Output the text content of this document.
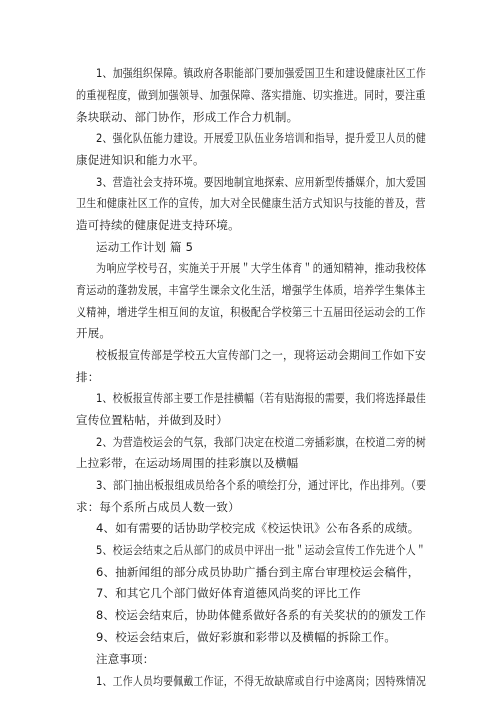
1、加强组织保障。镇政府各职能部门要加强爱国卫生和建设健康社区工作
的重视程度，做到加强领导、加强保障、落实措施、切实推进。同时，要注重
条块联动、部门协作，形成工作合力机制。
2、强化队伍能力建设。开展爱卫队伍业务培训和指导，提升爱卫人员的健
康促进知识和能力水平。
3、营造社会支持环境。要因地制宜地探索、应用新型传播媒介，加大爱国
卫生和健康社区工作的宣传，加大对全民健康生活方式知识与技能的普及，营
造可持续的健康促进支持环境。
运动工作计划 篇 5
为响应学校号召，实施关于开展＂大学生体育＂的通知精神，推动我校体
育运动的蓬勃发展，丰富学生课余文化生活，增强学生体质，培养学生集体主
义精神，增进学生相互间的友谊，积极配合学校第三十五届田径运动会的工作
开展。
校板报宣传部是学校五大宣传部门之一，现将运动会期间工作如下安
排：
1、校板报宣传部主要工作是挂横幅（若有贴海报的需要，我们将选择最佳
宣传位置粘帖，并做到及时）
2、为营造校运会的气氛，我部门决定在校道二旁插彩旗，在校道二旁的树
上拉彩带，在运动场周围的挂彩旗以及横幅
3、部门抽出板报组成员给各个系的喷绘打分，通过评比，作出排列。（要
求：每个系所占成员人数一致）
4、如有需要的话协助学校完成《校运快讯》公布各系的成绩。
5、校运会结束之后从部门的成员中评出一批＂运动会宣传工作先进个人＂
6、抽新闻组的部分成员协助广播台到主席台审理校运会稿件，
7、和其它几个部门做好体育道德风尚奖的评比工作
8、校运会结束后，协助体健系做好各系的有关奖状的的颁发工作
9、校运会结束后，做好彩旗和彩带以及横幅的拆除工作。
注意事项：
1、工作人员均要佩戴工作证，不得无故缺席或自行中途离岗；因特殊情况
